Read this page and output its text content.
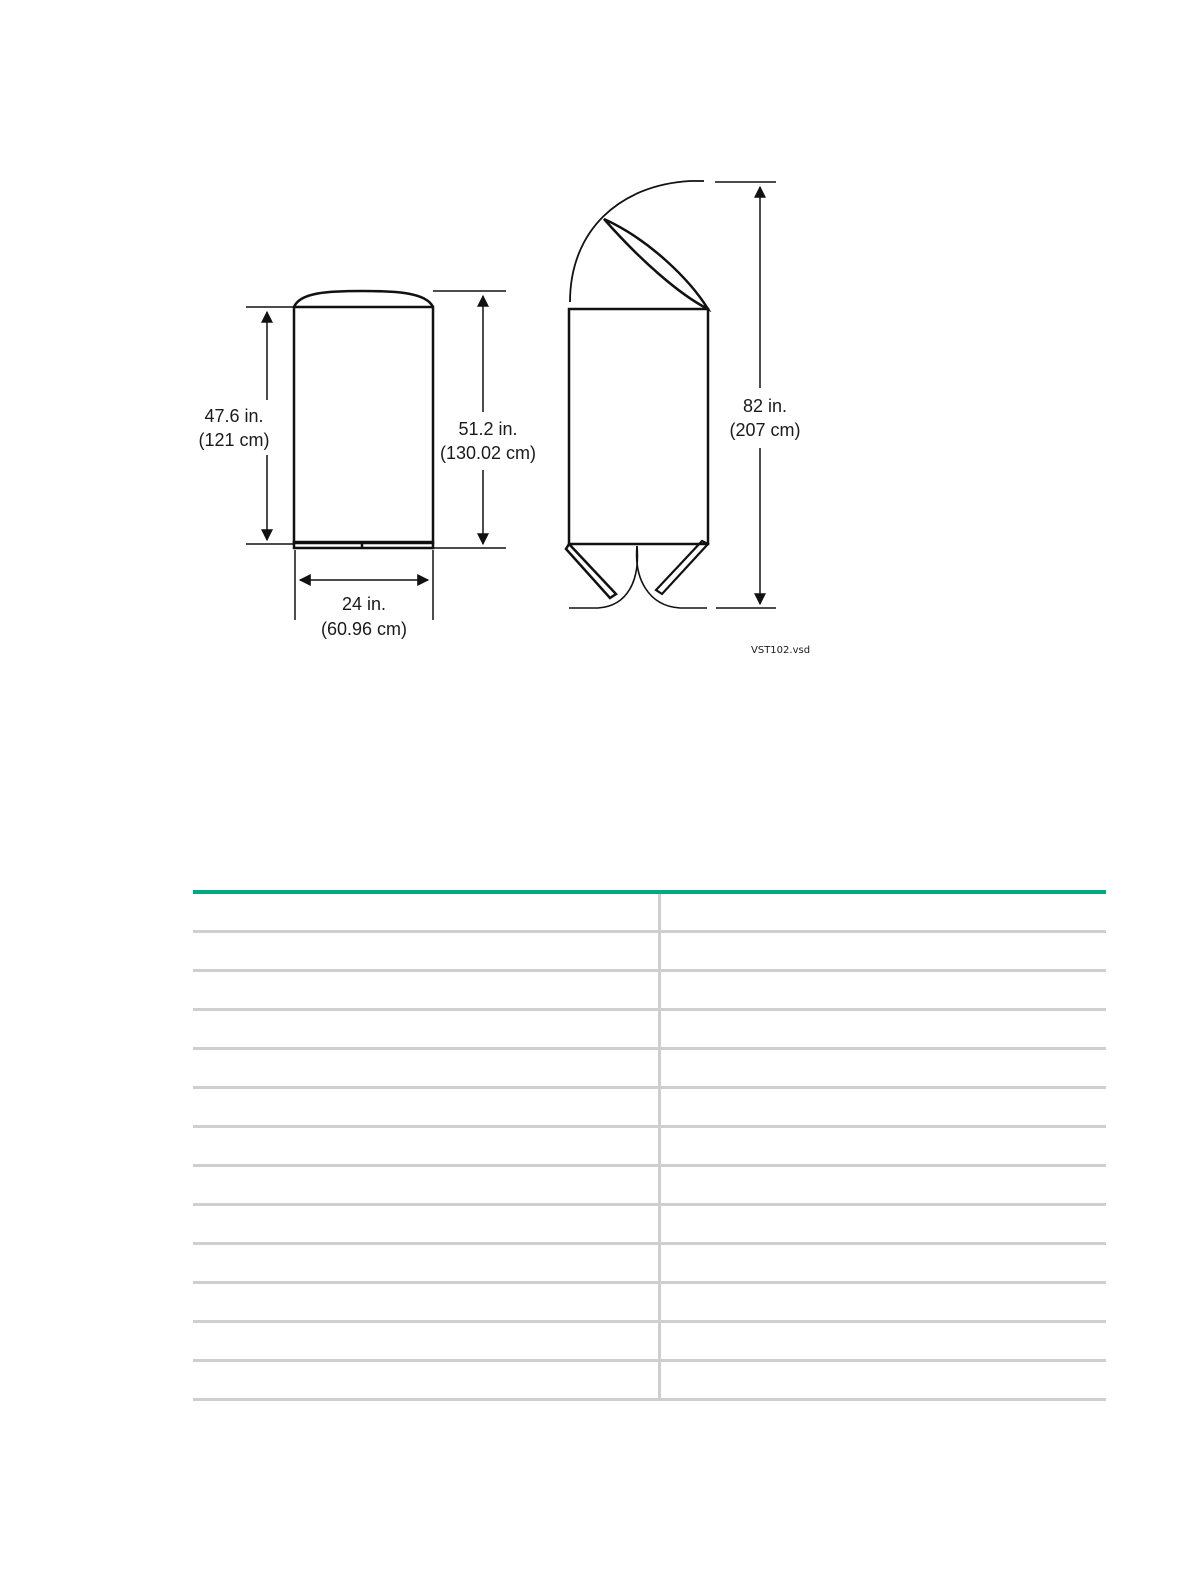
47.6 in.
(121 cm)
51.2 in.
(130.02 cm)
24 in.
(60.96 cm)
82 in.
(207 cm)
VST102.vsd
